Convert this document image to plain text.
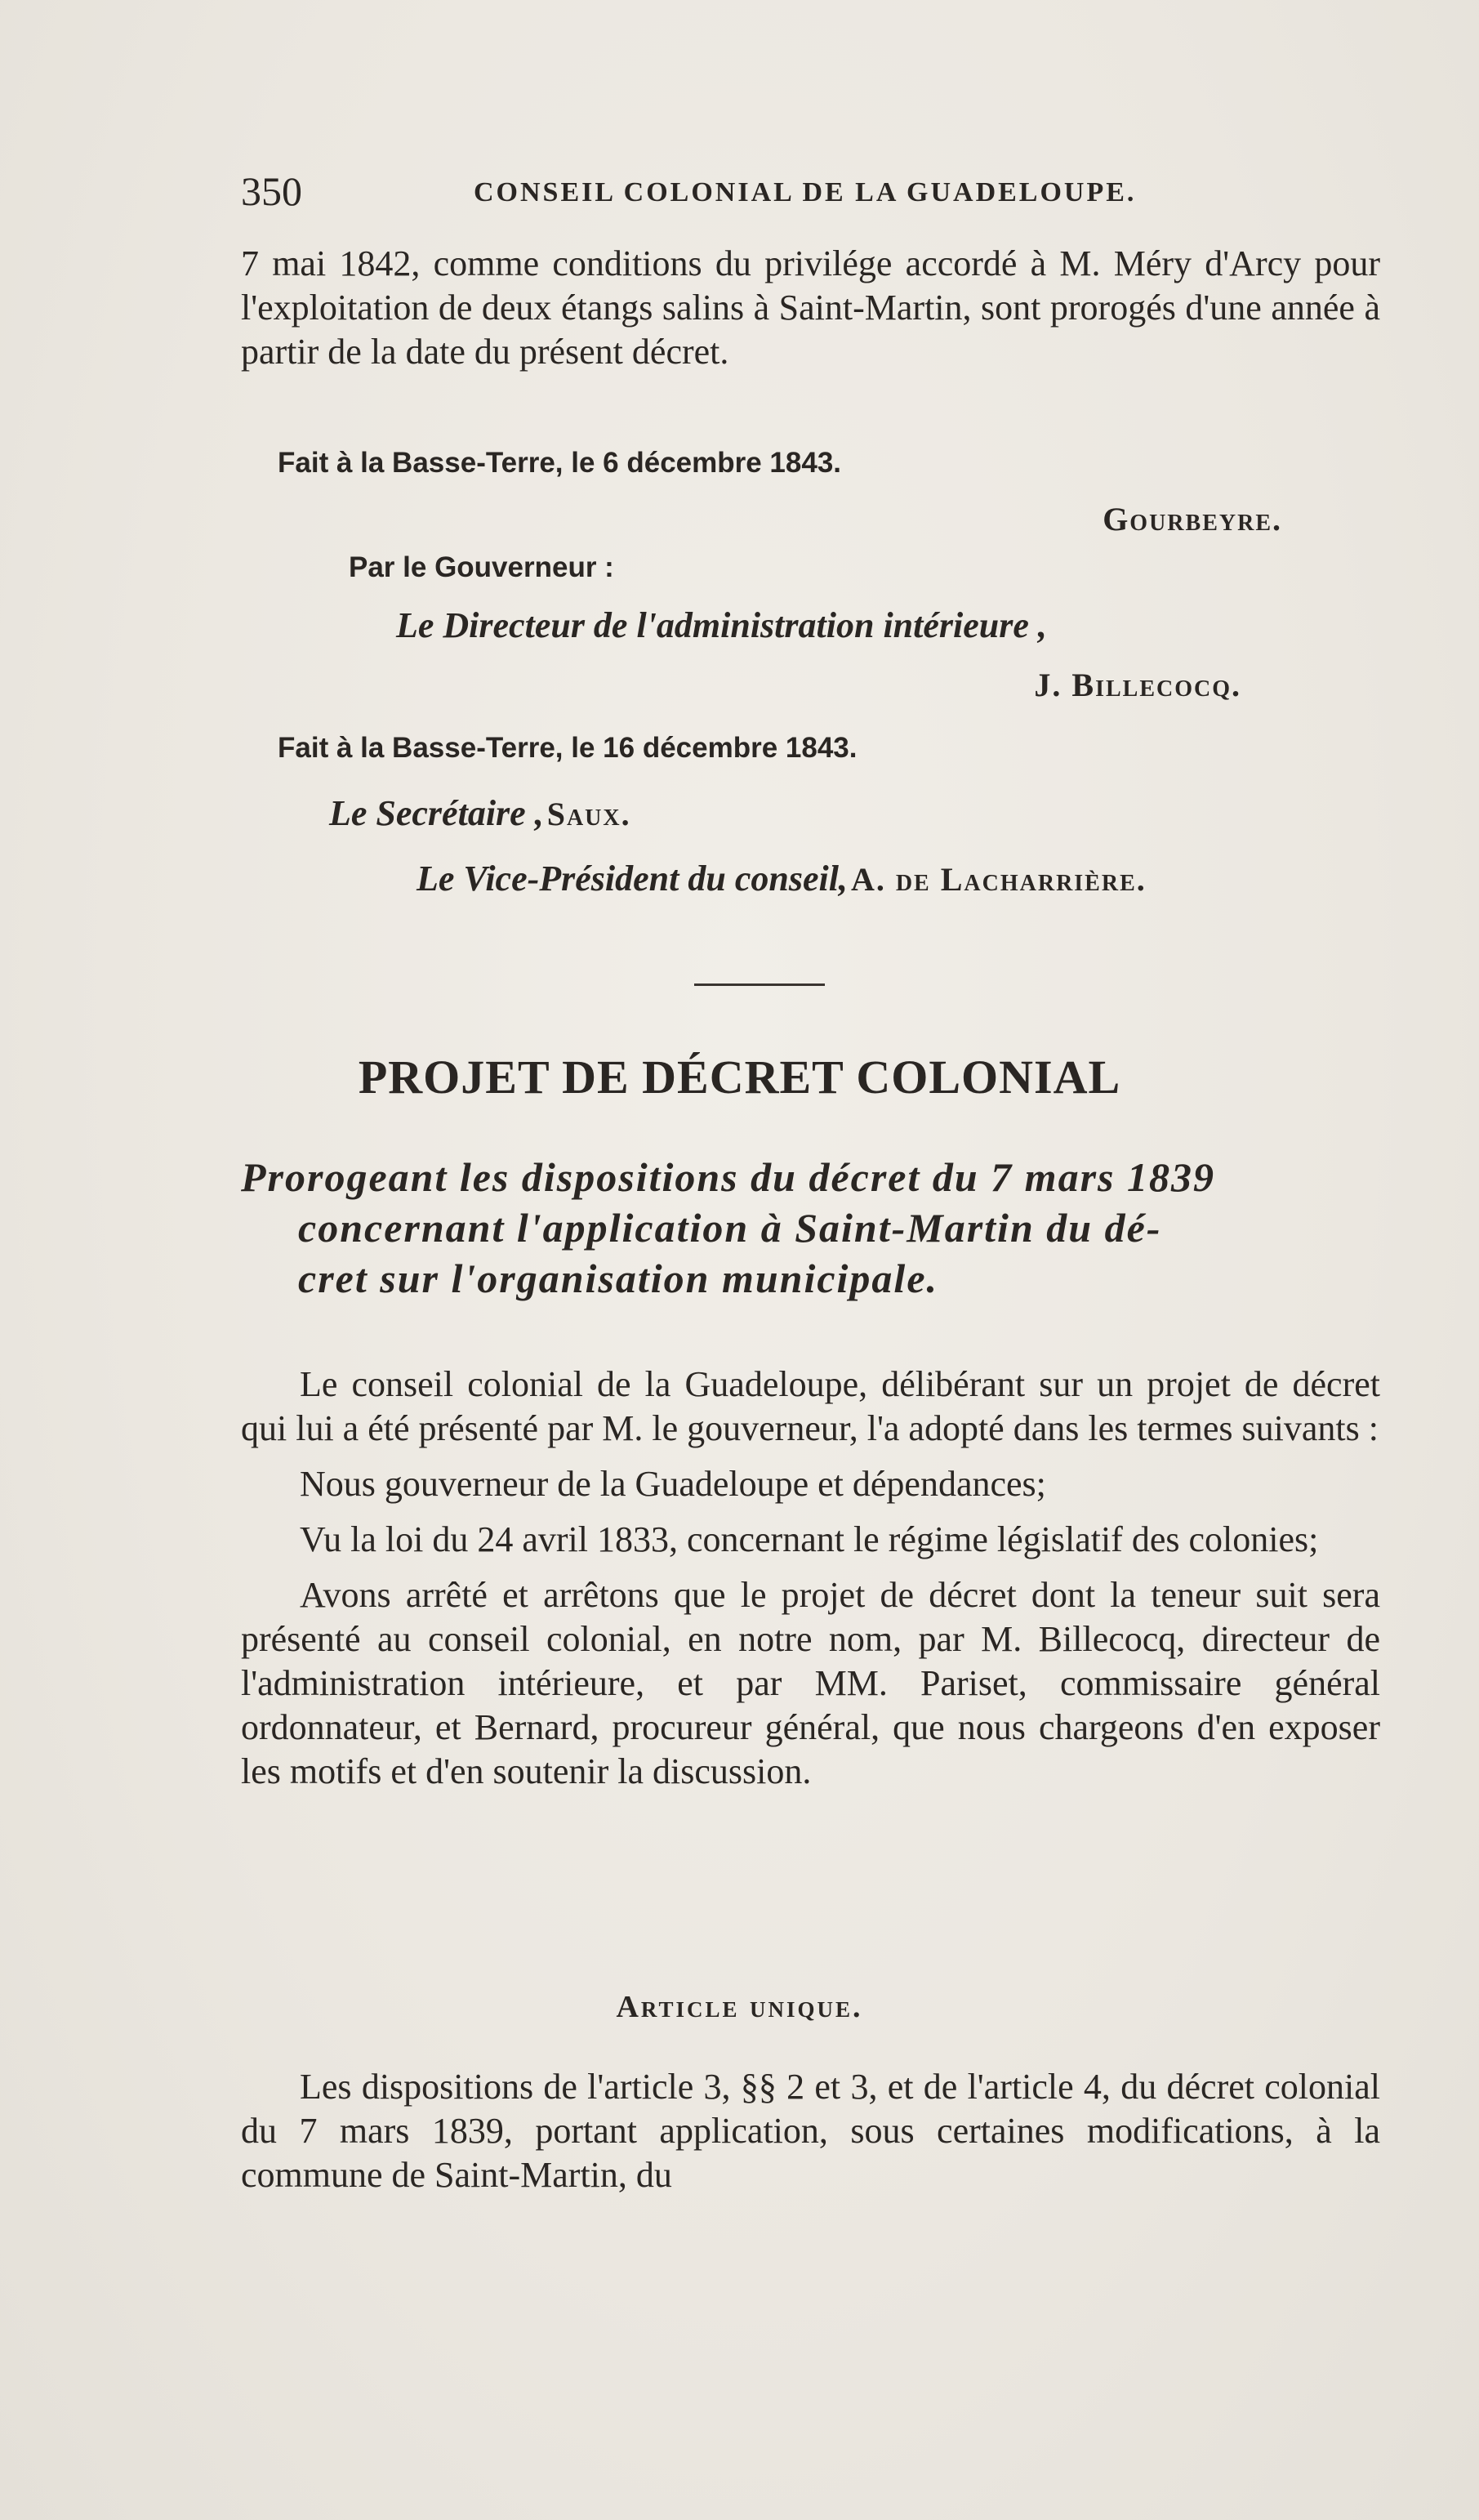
350	CONSEIL COLONIAL DE LA GUADELOUPE.

7 mai 1842, comme conditions du privilége accordé à M. Méry d'Arcy pour l'exploitation de deux étangs salins à Saint-Martin, sont prorogés d'une année à partir de la date du présent décret.

Fait à la Basse-Terre, le 6 décembre 1843.
Gourbeyre.
Par le Gouverneur :
Le Directeur de l'administration intérieure ,
J. Billecocq.
Fait à la Basse-Terre, le 16 décembre 1843.
Le Secrétaire , Saux.
Le Vice-Président du conseil, A. de Lacharrière.
PROJET DE DÉCRET COLONIAL
Prorogeant les dispositions du décret du 7 mars 1839
concernant l'application à Saint-Martin du dé-
cret sur l'organisation municipale.

Le conseil colonial de la Guadeloupe, délibérant sur un projet de décret qui lui a été présenté par M. le gouverneur, l'a adopté dans les termes suivants :

Nous gouverneur de la Guadeloupe et dépendances;

Vu la loi du 24 avril 1833, concernant le régime législatif des colonies;

Avons arrêté et arrêtons que le projet de décret dont la teneur suit sera présenté au conseil colonial, en notre nom, par M. Billecocq, directeur de l'administration intérieure, et par MM. Pariset, commissaire général ordonnateur, et Bernard, procureur général, que nous chargeons d'en exposer les motifs et d'en soutenir la discussion.

Article unique.

Les dispositions de l'article 3, §§ 2 et 3, et de l'article 4, du décret colonial du 7 mars 1839, portant application, sous certaines modifications, à la commune de Saint-Martin, du
